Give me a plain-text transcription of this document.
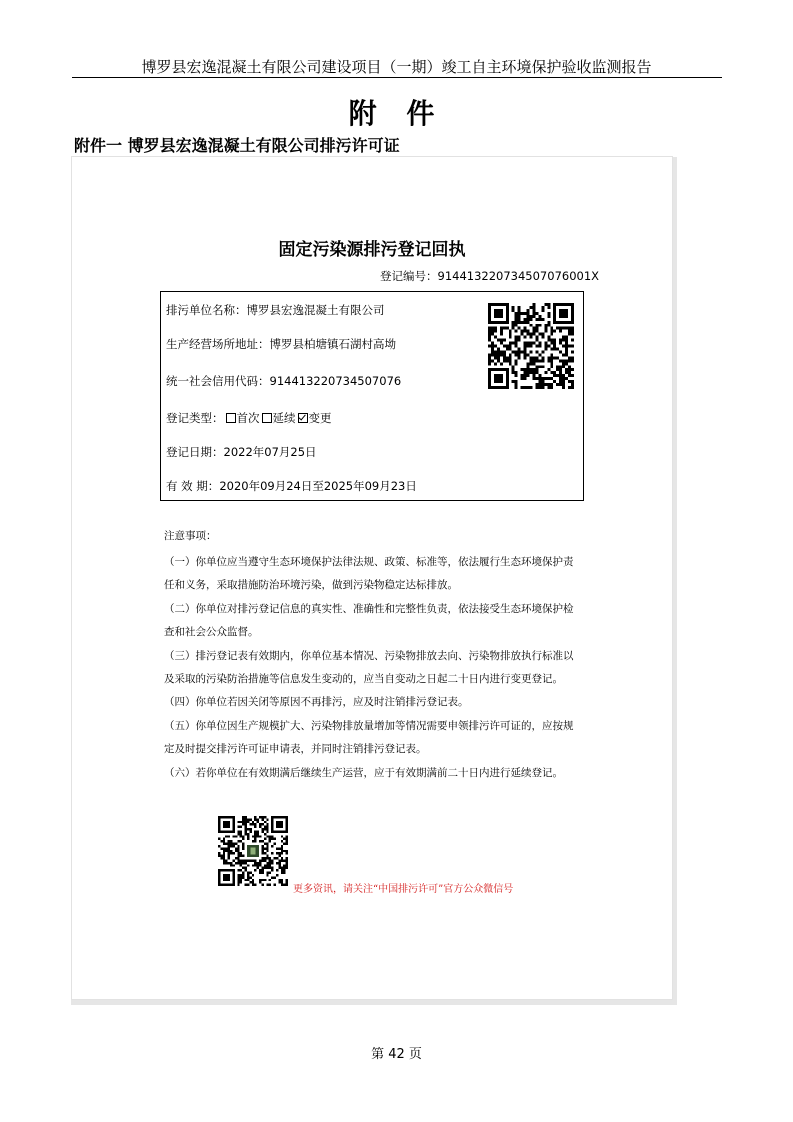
博罗县宏逸混凝土有限公司建设项目（一期）竣工自主环境保护验收监测报告
附 件
附件一 博罗县宏逸混凝土有限公司排污许可证
固定污染源排污登记回执
登记编号：914413220734507076001X
排污单位名称：博罗县宏逸混凝土有限公司
生产经营场所地址：博罗县柏塘镇石湖村高坳
统一社会信用代码：914413220734507076
登记类型： 首次 延续 变更
登记日期：2022年07月25日
有 效 期：2020年09月24日至2025年09月23日
注意事项：
（一）你单位应当遵守生态环境保护法律法规、政策、标准等，依法履行生态环境保护责
任和义务，采取措施防治环境污染，做到污染物稳定达标排放。
（二）你单位对排污登记信息的真实性、准确性和完整性负责，依法接受生态环境保护检
查和社会公众监督。
（三）排污登记表有效期内，你单位基本情况、污染物排放去向、污染物排放执行标准以
及采取的污染防治措施等信息发生变动的，应当自变动之日起二十日内进行变更登记。
（四）你单位若因关闭等原因不再排污，应及时注销排污登记表。
（五）你单位因生产规模扩大、污染物排放量增加等情况需要申领排污许可证的，应按规
定及时提交排污许可证申请表，并同时注销排污登记表。
（六）若你单位在有效期满后继续生产运营，应于有效期满前二十日内进行延续登记。
更多资讯，请关注“中国排污许可”官方公众微信号
第 42 页
